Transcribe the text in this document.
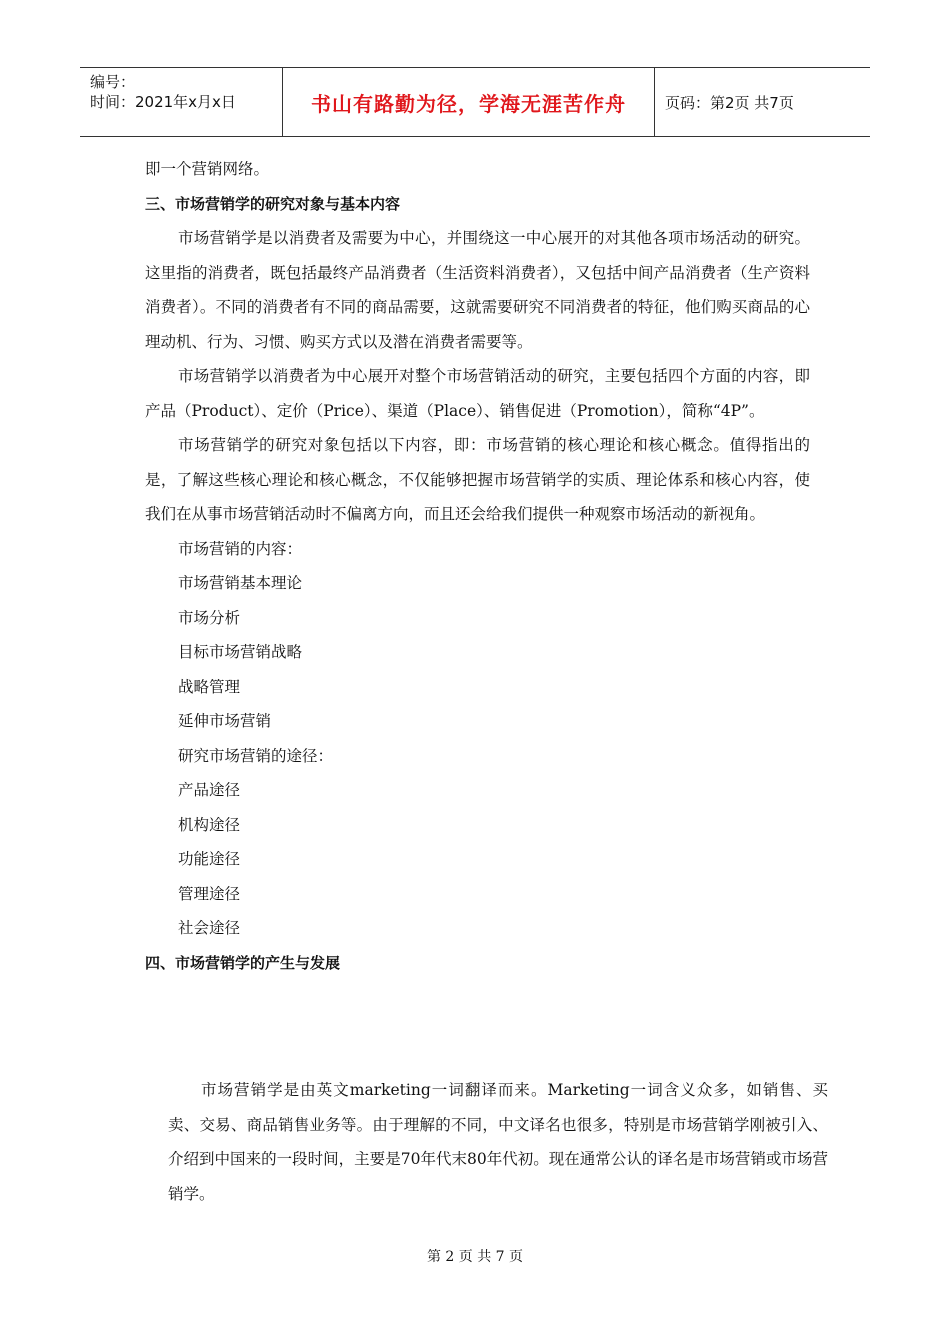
编号：
时间：2021年x月x日	书山有路勤为径，学海无涯苦作舟	页码：第2页 共7页
即一个营销网络。
三、市场营销学的研究对象与基本内容
市场营销学是以消费者及需要为中心，并围绕这一中心展开的对其他各项市场活动的研究。这里指的消费者，既包括最终产品消费者（生活资料消费者），又包括中间产品消费者（生产资料消费者）。不同的消费者有不同的商品需要，这就需要研究不同消费者的特征，他们购买商品的心理动机、行为、习惯、购买方式以及潜在消费者需要等。
市场营销学以消费者为中心展开对整个市场营销活动的研究，主要包括四个方面的内容，即产品（Product）、定价（Price）、渠道（Place）、销售促进（Promotion），简称“4P”。
市场营销学的研究对象包括以下内容，即：市场营销的核心理论和核心概念。值得指出的是，了解这些核心理论和核心概念，不仅能够把握市场营销学的实质、理论体系和核心内容，使我们在从事市场营销活动时不偏离方向，而且还会给我们提供一种观察市场活动的新视角。
市场营销的内容：
市场营销基本理论
市场分析
目标市场营销战略
战略管理
延伸市场营销
研究市场营销的途径：
产品途径
机构途径
功能途径
管理途径
社会途径
四、市场营销学的产生与发展
市场营销学是由英文marketing一词翻译而来。Marketing一词含义众多，如销售、买卖、交易、商品销售业务等。由于理解的不同，中文译名也很多，特别是市场营销学刚被引入、介绍到中国来的一段时间，主要是70年代末80年代初。现在通常公认的译名是市场营销或市场营销学。
第 2 页 共 7 页
